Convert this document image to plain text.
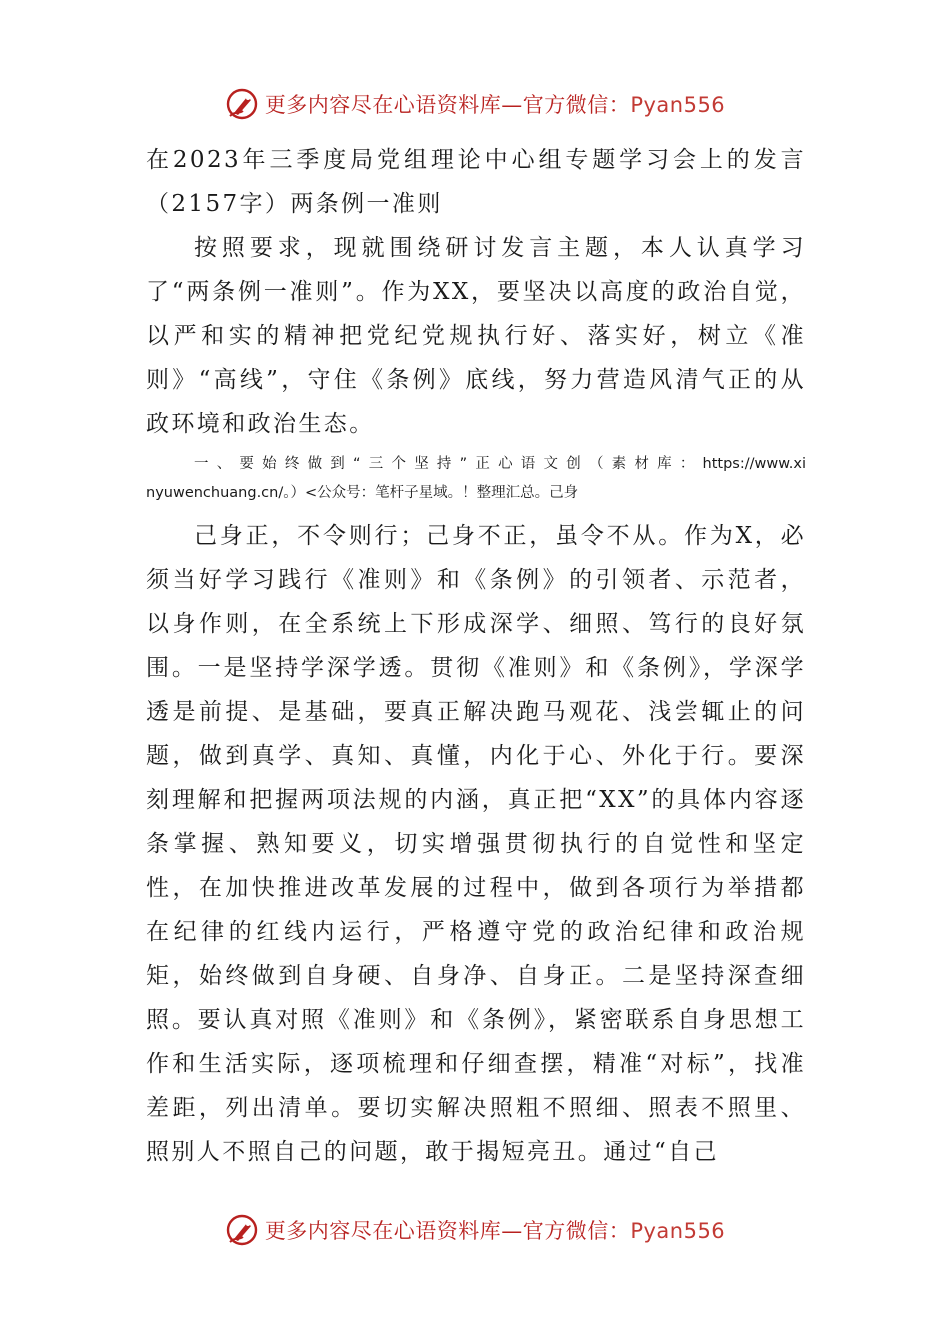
更多内容尽在心语资料库—官方微信：Pyan556

在2023年三季度局党组理论中心组专题学习会上的发言（2157字）两条例一准则

按照要求，现就围绕研讨发言主题，本人认真学习了“两条例一准则”。作为XX，要坚决以高度的政治自觉，以严和实的精神把党纪党规执行好、落实好，树立《准则》“高线”，守住《条例》底线，努力营造风清气正的从政环境和政治生态。

一、要始终做到“三个坚持”正心语文创（素材库：https://www.xinyuwenchuang.cn/。）<公众号：笔杆子星域。！整理汇总。己身

己身正，不令则行；己身不正，虽令不从。作为X，必须当好学习践行《准则》和《条例》的引领者、示范者，以身作则，在全系统上下形成深学、细照、笃行的良好氛围。一是坚持学深学透。贯彻《准则》和《条例》，学深学透是前提、是基础，要真正解决跑马观花、浅尝辄止的问题，做到真学、真知、真懂，内化于心、外化于行。要深刻理解和把握两项法规的内涵，真正把“XX”的具体内容逐条掌握、熟知要义，切实增强贯彻执行的自觉性和坚定性，在加快推进改革发展的过程中，做到各项行为举措都在纪律的红线内运行，严格遵守党的政治纪律和政治规矩，始终做到自身硬、自身净、自身正。二是坚持深查细照。要认真对照《准则》和《条例》，紧密联系自身思想工作和生活实际，逐项梳理和仔细查摆，精准“对标”，找准差距，列出清单。要切实解决照粗不照细、照表不照里、照别人不照自己的问题，敢于揭短亮丑。通过“自己

更多内容尽在心语资料库—官方微信：Pyan556
